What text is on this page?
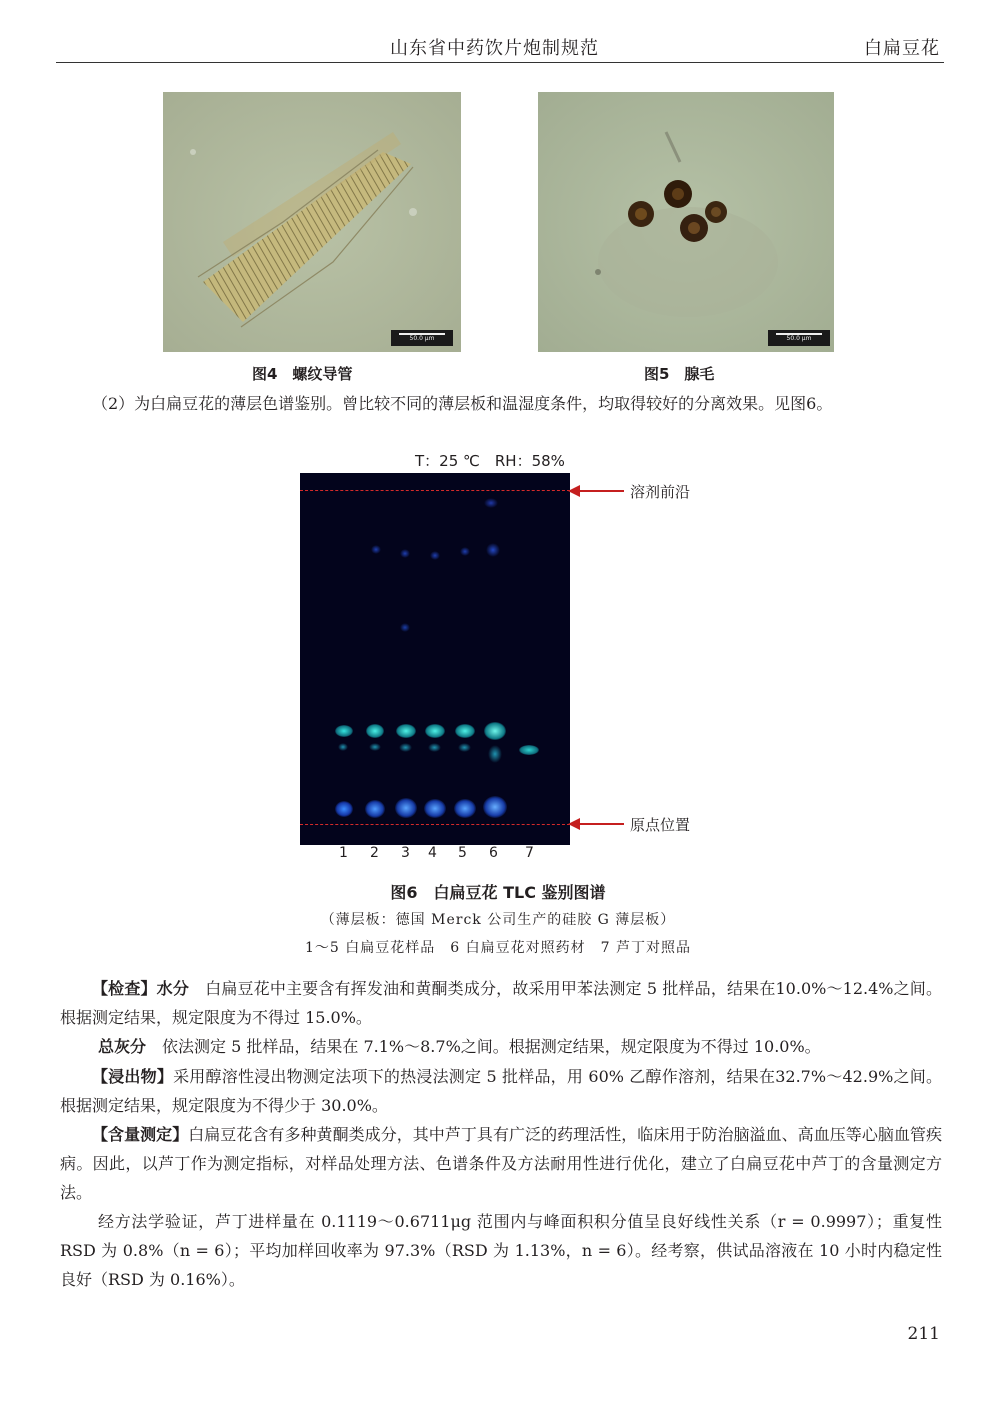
山东省中药饮片炮制规范	白扁豆花
50.0 μm	50.0 μm
图4　螺纹导管	图5　腺毛

（2）为白扁豆花的薄层色谱鉴别。曾比较不同的薄层板和温湿度条件，均取得较好的分离效果。见图6。

T：25 ℃　RH：58%
溶剂前沿
原点位置
1 2 3 4 5 6 7
图6　白扁豆花 TLC 鉴别图谱
（薄层板：德国 Merck 公司生产的硅胶 G 薄层板）
1～5 白扁豆花样品　6 白扁豆花对照药材　7 芦丁对照品

【检查】水分　 白扁豆花中主要含有挥发油和黄酮类成分，故采用甲苯法测定 5 批样品，结果在10.0%～12.4%之间。根据测定结果，规定限度为不得过 15.0%。

总灰分　 依法测定 5 批样品，结果在 7.1%～8.7%之间。根据测定结果，规定限度为不得过 10.0%。

【浸出物】采用醇溶性浸出物测定法项下的热浸法测定 5 批样品，用 60% 乙醇作溶剂，结果在32.7%～42.9%之间。根据测定结果，规定限度为不得少于 30.0%。

【含量测定】白扁豆花含有多种黄酮类成分，其中芦丁具有广泛的药理活性，临床用于防治脑溢血、高血压等心脑血管疾病。因此，以芦丁作为测定指标，对样品处理方法、色谱条件及方法耐用性进行优化，建立了白扁豆花中芦丁的含量测定方法。

经方法学验证，芦丁进样量在 0.1119～0.6711μg 范围内与峰面积积分值呈良好线性关系（r = 0.9997）；重复性 RSD 为 0.8%（n = 6）；平均加样回收率为 97.3%（RSD 为 1.13%，n = 6）。经考察，供试品溶液在 10 小时内稳定性良好（RSD 为 0.16%）。

211
